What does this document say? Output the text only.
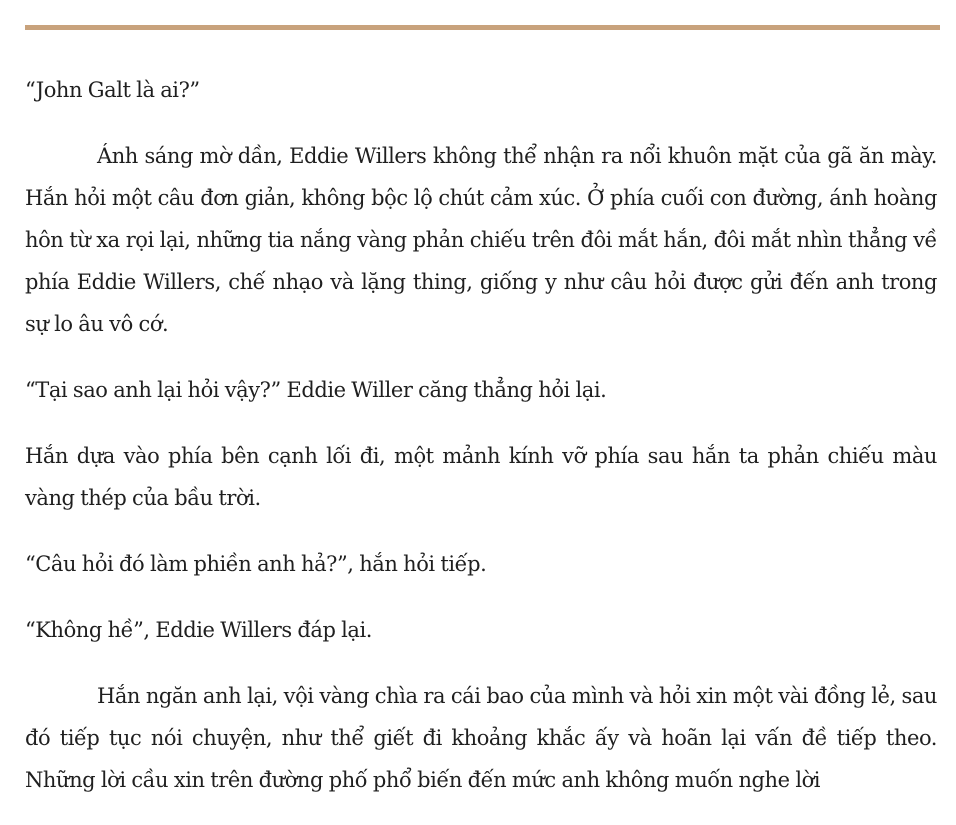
“John Galt là ai?”

Ánh sáng mờ dần, Eddie Willers không thể nhận ra nổi khuôn mặt của gã ăn mày. Hắn hỏi một câu đơn giản, không bộc lộ chút cảm xúc. Ở phía cuối con đường, ánh hoàng hôn từ xa rọi lại, những tia nắng vàng phản chiếu trên đôi mắt hắn, đôi mắt nhìn thẳng về phía Eddie Willers, chế nhạo và lặng thing, giống y như câu hỏi được gửi đến anh trong sự lo âu vô cớ.

“Tại sao anh lại hỏi vậy?” Eddie Willer căng thẳng hỏi lại.

Hắn dựa vào phía bên cạnh lối đi, một mảnh kính vỡ phía sau hắn ta phản chiếu màu vàng thép của bầu trời.

“Câu hỏi đó làm phiền anh hả?”, hắn hỏi tiếp.

“Không hề”, Eddie Willers đáp lại.

Hắn ngăn anh lại, vội vàng chìa ra cái bao của mình và hỏi xin một vài đồng lẻ, sau đó tiếp tục nói chuyện, như thể giết đi khoảng khắc ấy và hoãn lại vấn đề tiếp theo. Những lời cầu xin trên đường phố phổ biến đến mức anh không muốn nghe lời
